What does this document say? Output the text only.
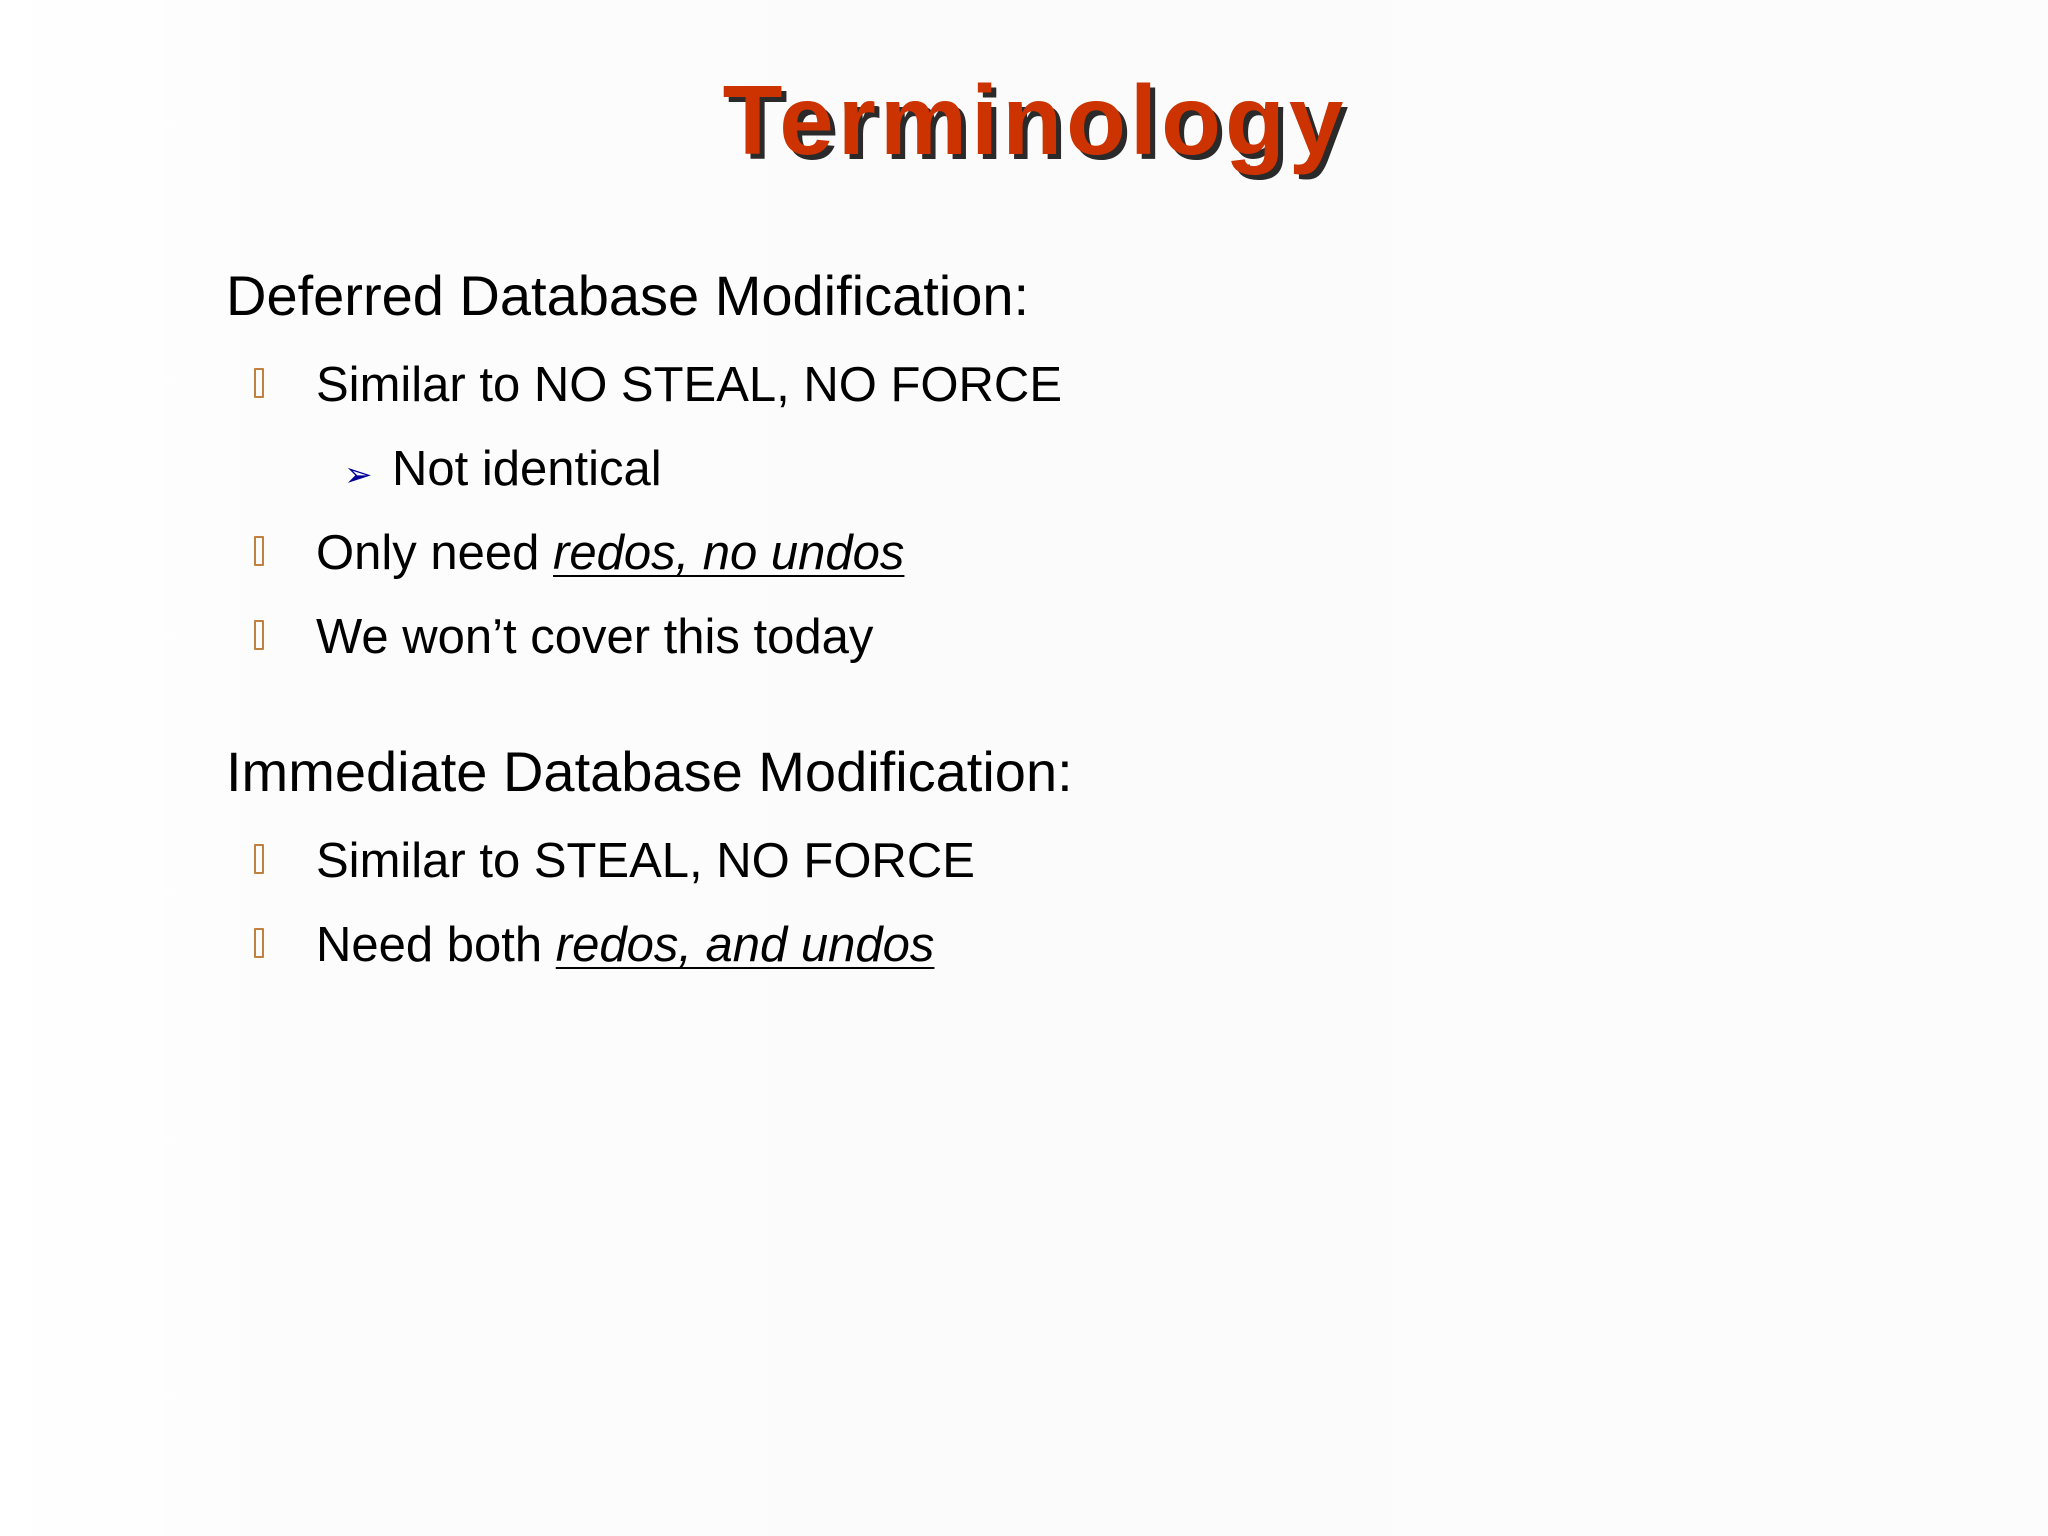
Terminology
Deferred Database Modification:
Similar to NO STEAL, NO FORCE
➢ Not identical
Only need redos, no undos
We won’t cover this today
Immediate Database Modification:
Similar to STEAL, NO FORCE
Need both redos, and undos
